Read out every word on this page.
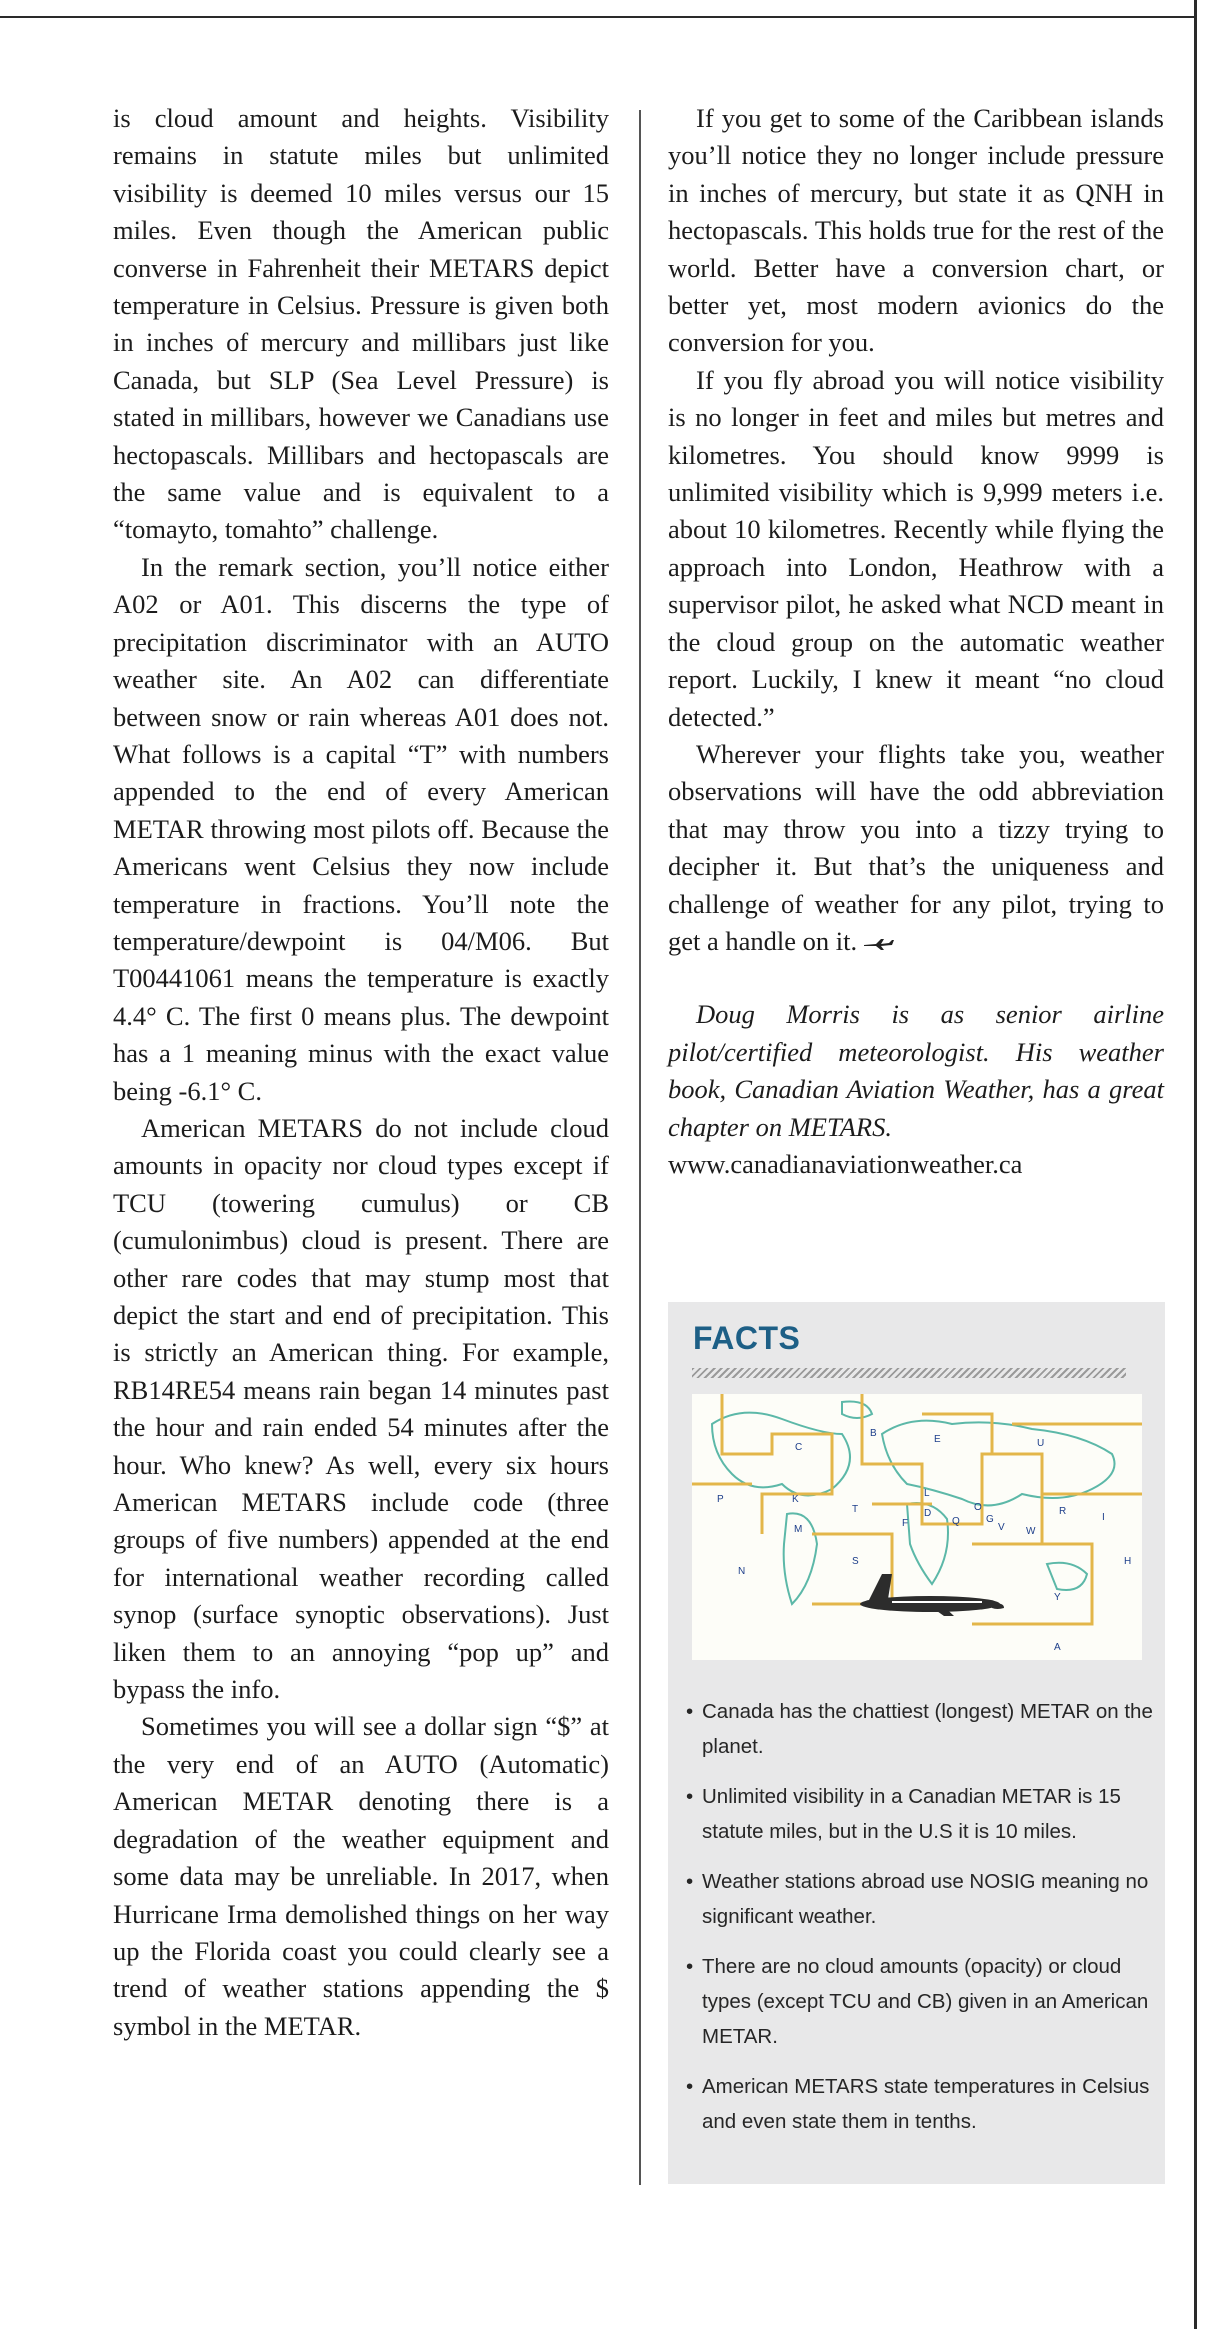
is cloud amount and heights. Visibility remains in statute miles but unlimited visibility is deemed 10 miles versus our 15 miles. Even though the American public converse in Fahrenheit their METARS depict temperature in Celsius. Pressure is given both in inches of mercury and millibars just like Canada, but SLP (Sea Level Pressure) is stated in millibars, however we Canadians use hectopascals. Millibars and hectopascals are the same value and is equivalent to a “tomayto, tomahto” challenge.

In the remark section, you’ll notice either A02 or A01. This discerns the type of precipitation discriminator with an AUTO weather site. An A02 can differentiate between snow or rain whereas A01 does not. What follows is a capital “T” with numbers appended to the end of every American METAR throwing most pilots off. Because the Americans went Celsius they now include temperature in fractions. You’ll note the temperature/dewpoint is 04/M06. But T00441061 means the temperature is exactly 4.4° C. The first 0 means plus. The dewpoint has a 1 meaning minus with the exact value being -6.1° C.

American METARS do not include cloud amounts in opacity nor cloud types except if TCU (towering cumulus) or CB (cumulonimbus) cloud is present. There are other rare codes that may stump most that depict the start and end of precipitation. This is strictly an American thing. For example, RB14RE54 means rain began 14 minutes past the hour and rain ended 54 minutes after the hour. Who knew? As well, every six hours American METARS include code (three groups of five numbers) appended at the end for international weather recording called synop (surface synoptic observations). Just liken them to an annoying “pop up” and bypass the info.

Sometimes you will see a dollar sign “$” at the very end of an AUTO (Automatic) American METAR denoting there is a degradation of the weather equipment and some data may be unreliable. In 2017, when Hurricane Irma demolished things on her way up the Florida coast you could clearly see a trend of weather stations appending the $ symbol in the METAR.

If you get to some of the Caribbean islands you’ll notice they no longer include pressure in inches of mercury, but state it as QNH in hectopascals. This holds true for the rest of the world. Better have a conversion chart, or better yet, most modern avionics do the conversion for you.

If you fly abroad you will notice visibility is no longer in feet and miles but metres and kilometres. You should know 9999 is unlimited visibility which is 9,999 meters i.e. about 10 kilometres. Recently while flying the approach into London, Heathrow with a supervisor pilot, he asked what NCD meant in the cloud group on the automatic weather report. Luckily, I knew it meant “no cloud detected.”

Wherever your flights take you, weather observations will have the odd abbreviation that may throw you into a tizzy trying to decipher it. But that’s the uniqueness and challenge of weather for any pilot, trying to get a handle on it.

Doug Morris is as senior airline pilot/certified meteorologist. His weather book, Canadian Aviation Weather, has a great chapter on METARS.

www.canadianaviationweather.ca

FACTS
C
B
E	U
P	K
L
M
T	D
Q
R
F
O
G
N
W
S	H
Y
A
V
I
• Canada has the chattiest (longest) METAR on the planet.
• Unlimited visibility in a Canadian METAR is 15 statute miles, but in the U.S it is 10 miles.
• Weather stations abroad use NOSIG meaning no significant weather.
• There are no cloud amounts (opacity) or cloud types (except TCU and CB) given in an American METAR.
• American METARS state temperatures in Celsius and even state them in tenths.
